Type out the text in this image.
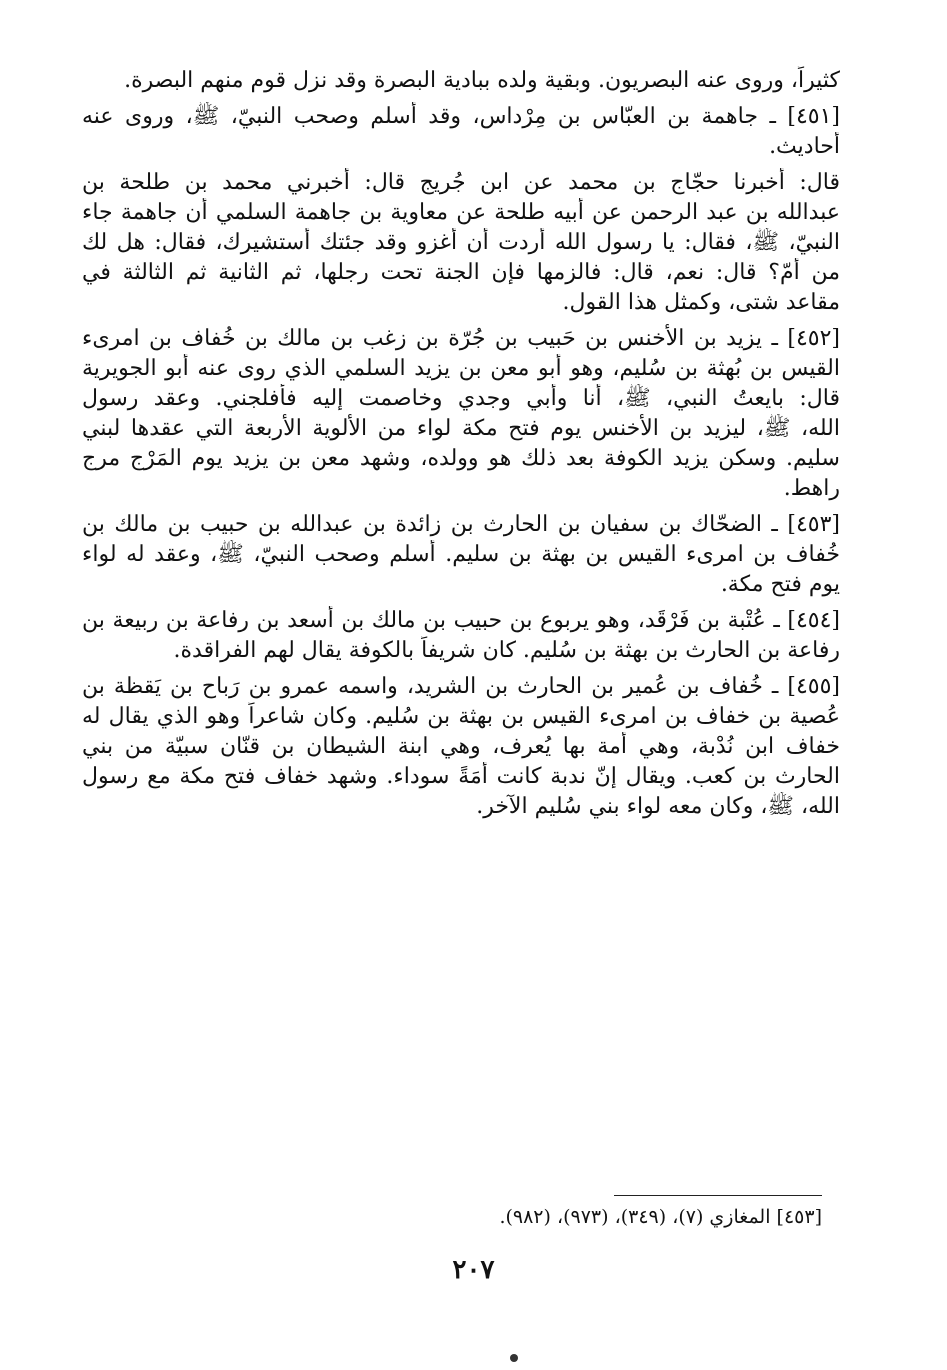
كثيراً، وروى عنه البصريون. وبقية ولده ببادية البصرة وقد نزل قوم منهم البصرة.

[٤٥١] ـ جاهمة بن العبّاس بن مِرْداس، وقد أسلم وصحب النبيّ، ﷺ، وروى عنه

أحاديث.

قال: أخبرنا حجّاج بن محمد عن ابن جُريج قال: أخبرني محمد بن طلحة بن

عبدالله بن عبد الرحمن عن أبيه طلحة عن معاوية بن جاهمة السلمي أن جاهمة جاء

النبيّ، ﷺ، فقال: يا رسول الله أردت أن أغزو وقد جئتك أستشيرك، فقال: هل لك

من أمّ؟ قال: نعم، قال: فالزمها فإن الجنة تحت رجلها، ثم الثانية ثم الثالثة في

مقاعد شتى، وكمثل هذا القول.

[٤٥٢] ـ يزيد بن الأخنس بن حَبيب بن جُرّة بن زغب بن مالك بن خُفاف بن امرىء

القيس بن بُهثة بن سُليم، وهو أبو معن بن يزيد السلمي الذي روى عنه أبو الجويرية

قال: بايعتُ النبي، ﷺ، أنا وأبي وجدي وخاصمت إليه فأفلجني. وعقد رسول

الله، ﷺ، ليزيد بن الأخنس يوم فتح مكة لواء من الألوية الأربعة التي عقدها لبني

سليم. وسكن يزيد الكوفة بعد ذلك هو وولده، وشهد معن بن يزيد يوم المَرْج مرج

راهط.

[٤٥٣] ـ الضحّاك بن سفيان بن الحارث بن زائدة بن عبدالله بن حبيب بن مالك بن

خُفاف بن امرىء القيس بن بهثة بن سليم. أسلم وصحب النبيّ، ﷺ، وعقد له لواء

يوم فتح مكة.

[٤٥٤] ـ عُتْبة بن فَرْقَد، وهو يربوع بن حبيب بن مالك بن أسعد بن رفاعة بن ربيعة بن

رفاعة بن الحارث بن بهثة بن سُليم. كان شريفاً بالكوفة يقال لهم الفراقدة.

[٤٥٥] ـ خُفاف بن عُمير بن الحارث بن الشريد، واسمه عمرو بن رَباح بن يَقظة بن

عُصية بن خفاف بن امرىء القيس بن بهثة بن سُليم. وكان شاعراً وهو الذي يقال له

خفاف ابن نُدْبة، وهي أمة بها يُعرف، وهي ابنة الشيطان بن قنّان سبيّة من بني

الحارث بن كعب. ويقال إنّ ندبة كانت أمَةً سوداء. وشهد خفاف فتح مكة مع رسول

الله، ﷺ، وكان معه لواء بني سُليم الآخر.

[٤٥٣] المغازي (٧)، (٣٤٩)، (٩٧٣)، (٩٨٢).
٢٠٧
